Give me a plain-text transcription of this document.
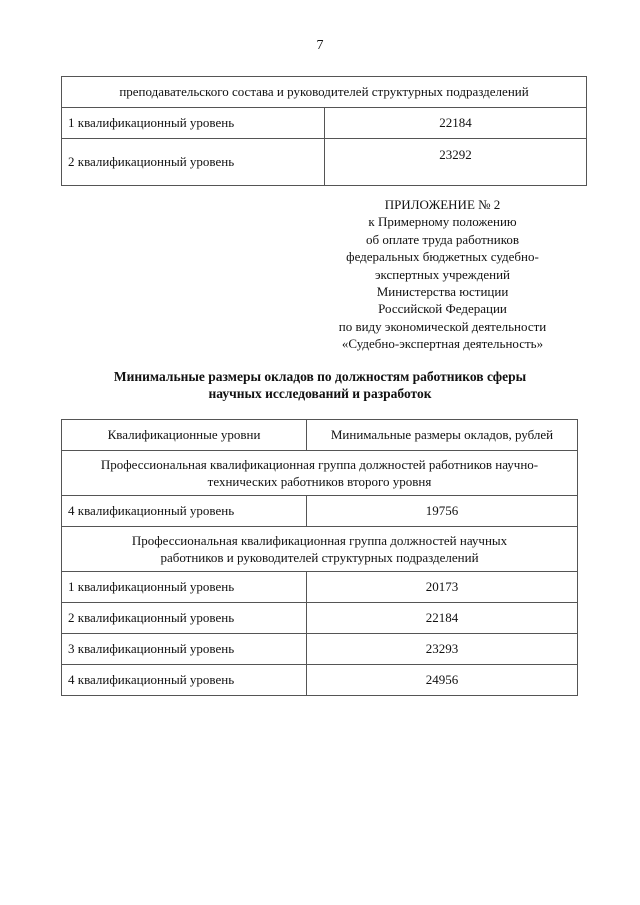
7
преподавательского состава и руководителей структурных подразделений	
1 квалификационный уровень	22184
2 квалификационный уровень	23292
ПРИЛОЖЕНИЕ № 2
к Примерному положению
об оплате труда работников
федеральных бюджетных судебно-
экспертных учреждений
Министерства юстиции
Российской Федерации
по виду экономической деятельности
«Судебно-экспертная деятельность»
Минимальные размеры окладов по должностям работников сферы
научных исследований и разработок
Квалификационные уровни	Минимальные размеры окладов, рублей

Профессиональная квалификационная группа должностей работников научно-
технических работников второго уровня	

4 квалификационный уровень	19756

Профессиональная квалификационная группа должностей научных
работников и руководителей структурных подразделений	

1 квалификационный уровень	20173
2 квалификационный уровень	22184
3 квалификационный уровень	23293
4 квалификационный уровень	24956
